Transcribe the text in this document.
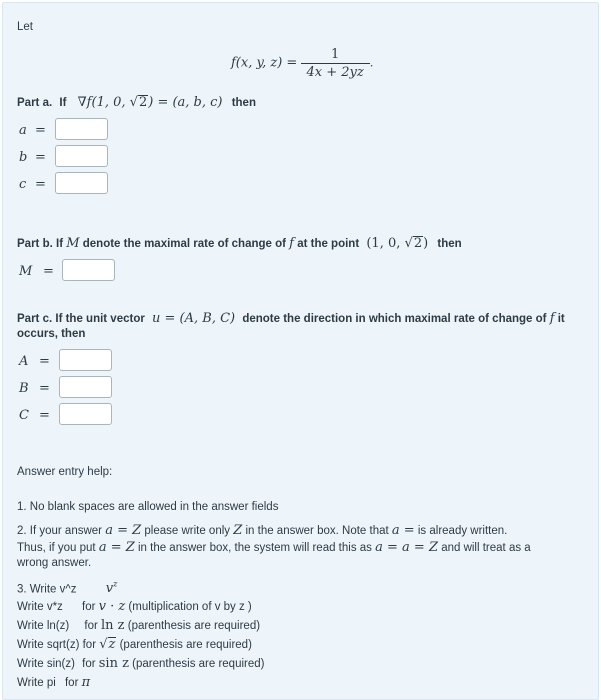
Let
f(x, y, $z) = \frac{1}{4x + 2yz}$ .
Part a. If ∇f(1, 0, √2) = (a, b, c) then
a =
b =
c =
Part b. If M denote the maximal rate of change of f at the point (1, 0, √2) then
M =
Part c. If the unit vector u = (A, B, C) denote the direction in which maximal rate of change of f it
occurs, then
A =
B =
C =
Answer entry help:
1. No blank spaces are allowed in the answer fields
2. If your answer a = Z please write only Z in the answer box. Note that a = is already written.
Thus, if you put a = Z in the answer box, the system will read this as a = a = Z and will treat as a
wrong answer.
3. Write v^z $v^z$
Write v*z for v · z (multiplication of v by z )
Write ln(z) for ln z (parenthesis are required)
Write sqrt(z) for √z (parenthesis are required)
Write sin(z) for sin z (parenthesis are required)
Write pi for π
